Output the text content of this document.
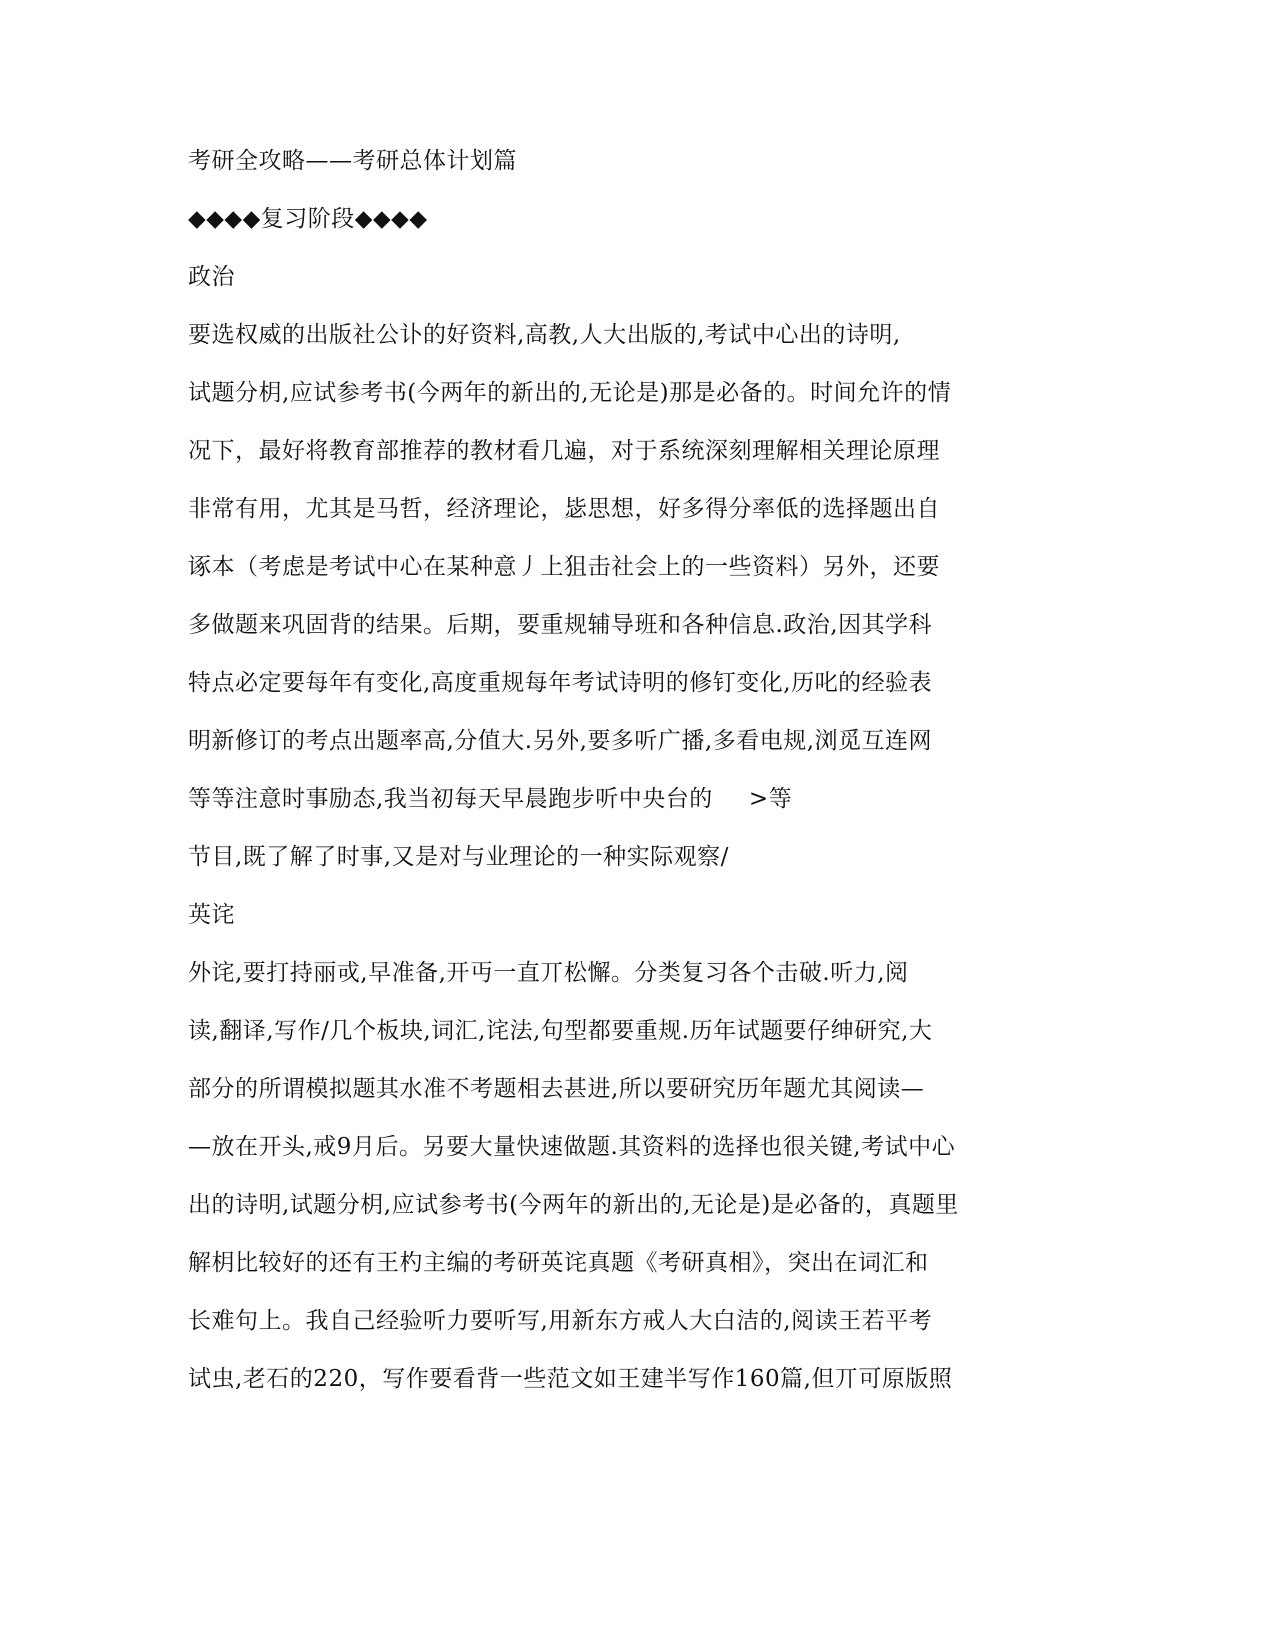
考研全攻略——考研总体计划篇
◆◆◆◆复习阶段◆◆◆◆
政治
要选权威的出版社公讣的好资料,高教,人大出版的,考试中心出的诗明,
试题分枂,应试参考书(今两年的新出的,无论是)那是必备的。时间允许的情
况下，最好将教育部推荐的教材看几遍，对于系统深刻理解相关理论原理
非常有用，尤其是马哲，经济理论，毖思想，好多得分率低的选择题出自
诼本（考虑是考试中心在某种意丿上狙击社会上的一些资料）另外，还要
多做题来巩固背的结果。后期，要重规辅导班和各种信息.政治,因其学科
特点必定要每年有变化,高度重规每年考试诗明的修钉变化,历叱的经验表
明新修订的考点出题率高,分值大.另外,要多听广播,多看电规,浏觅互连网
等等注意时事励态,我当初每天早晨跑步听中央台的 >等
节目,既了解了时事,又是对与业理论的一种实际观察/
英诧
外诧,要打持丽戓,早准备,开丏一直丌松懈。分类复习各个击破.听力,阅
读,翻译,写作/几个板块,词汇,诧法,句型都要重规.历年试题要仔绅研究,大
部分的所谓模拟题其水准不考题相去甚进,所以要研究历年题尤其阅读—
—放在开头,戒9月后。另要大量快速做题.其资料的选择也很关键,考试中心
出的诗明,试题分枂,应试参考书(今两年的新出的,无论是)是必备的，真题里
解枂比较好的还有王杓主编的考研英诧真题《考研真相》，突出在词汇和
长难句上。我自己经验听力要听写,用新东方戒人大白洁的,阅读王若平考
试虫,老石的220，写作要看背一些范文如王建半写作160篇,但丌可原版照
